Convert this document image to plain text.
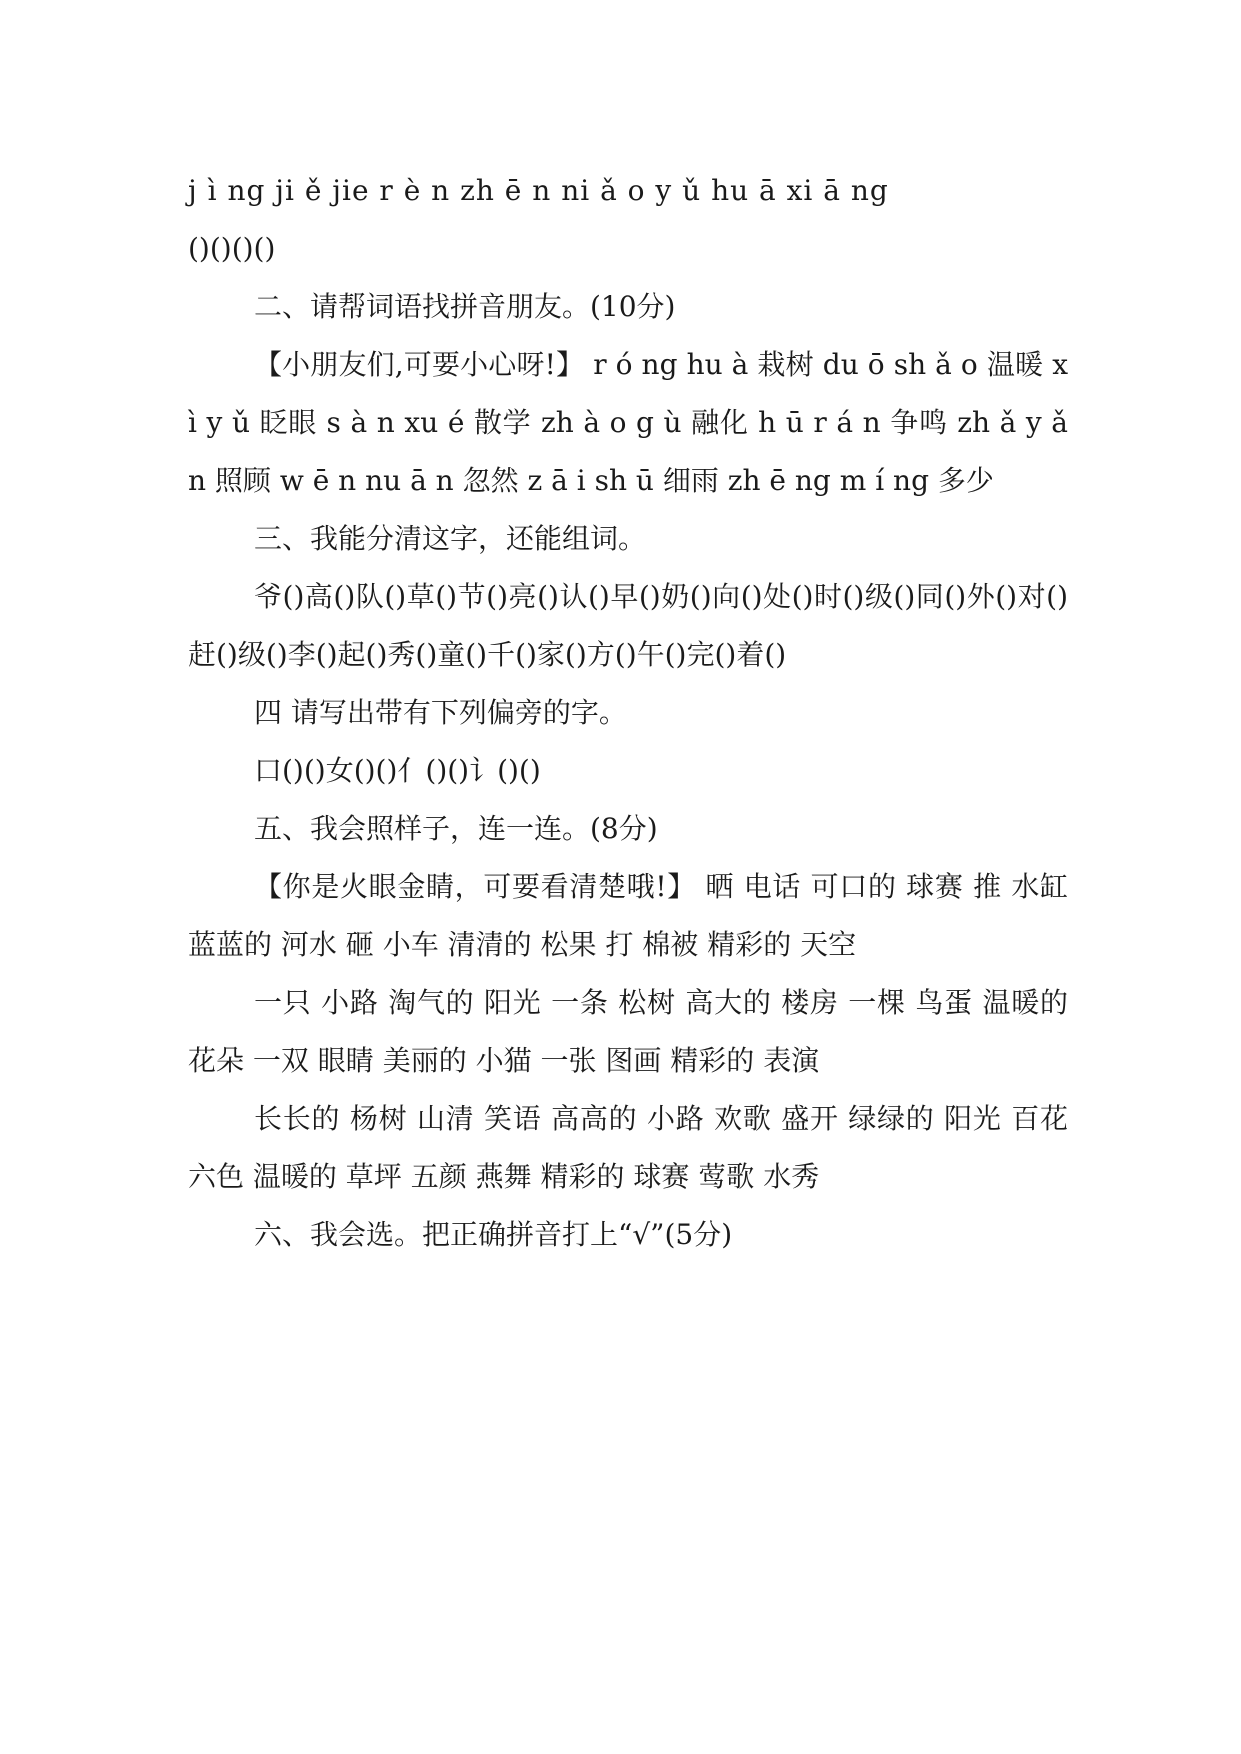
j ì ng ji ě jie r è n zh ē n ni ǎ o y ǔ hu ā xi ā ng

()()()()

二、请帮词语找拼音朋友。(10分)

【小朋友们,可要小心呀!】 r ó ng hu à 栽树 du ō sh ǎ o 温暖 x ì y ǔ 眨眼 s à n xu é 散学 zh à o g ù 融化 h ū r á n 争鸣 zh ǎ y ǎ n 照顾 w ē n nu ā n 忽然 z ā i sh ū 细雨 zh ē ng m í ng 多少

三、我能分清这字，还能组词。

爷()高()队()草()节()亮()认()早()奶()向()处()时()级()同()外()对()赶()级()李()起()秀()童()千()家()方()午()完()着()

四 请写出带有下列偏旁的字。

口()()女()()亻()()讠()()

五、我会照样子，连一连。(8分)

【你是火眼金睛，可要看清楚哦!】 晒 电话 可口的 球赛 推 水缸 蓝蓝的 河水 砸 小车 清清的 松果 打 棉被 精彩的 天空

一只 小路 淘气的 阳光 一条 松树 高大的 楼房 一棵 鸟蛋 温暖的 花朵 一双 眼睛 美丽的 小猫 一张 图画 精彩的 表演

长长的 杨树 山清 笑语 高高的 小路 欢歌 盛开 绿绿的 阳光 百花 六色 温暖的 草坪 五颜 燕舞 精彩的 球赛 莺歌 水秀

六、我会选。把正确拼音打上“√”(5分)
